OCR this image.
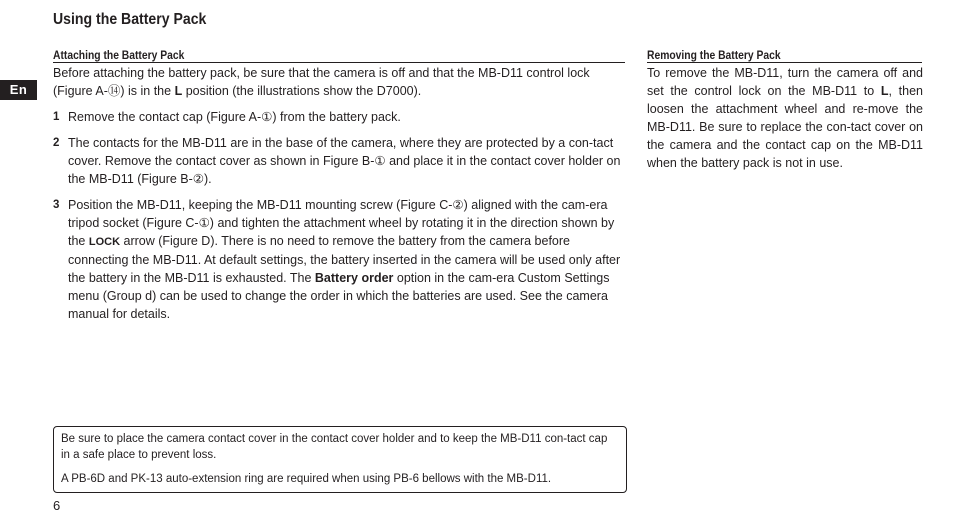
En
Using the Battery Pack
Attaching the Battery Pack

Before attaching the battery pack, be sure that the camera is off and that the MB-D11 control lock (Figure A-⑭) is in the L position (the illustrations show the D7000).

1 Remove the contact cap (Figure A-①) from the battery pack.
2 The contacts for the MB-D11 are in the base of the camera, where they are protected by a con-tact cover. Remove the contact cover as shown in Figure B-① and place it in the contact cover holder on the MB-D11 (Figure B-②).
3 Position the MB-D11, keeping the MB-D11 mounting screw (Figure C-②) aligned with the cam-era tripod socket (Figure C-①) and tighten the attachment wheel by rotating it in the direction shown by the LOCK arrow (Figure D). There is no need to remove the battery from the camera before connecting the MB-D11. At default settings, the battery inserted in the camera will be used only after the battery in the MB-D11 is exhausted. The Battery order option in the cam-era Custom Settings menu (Group d) can be used to change the order in which the batteries are used. See the camera manual for details.
Removing the Battery Pack

To remove the MB-D11, turn the camera off and set the control lock on the MB-D11 to L, then loosen the attachment wheel and re-move the MB-D11. Be sure to replace the con-tact cover on the camera and the contact cap on the MB-D11 when the battery pack is not in use.

Be sure to place the camera contact cover in the contact cover holder and to keep the MB-D11 con-tact cap in a safe place to prevent loss.

A PB-6D and PK-13 auto-extension ring are required when using PB-6 bellows with the MB-D11.

6
